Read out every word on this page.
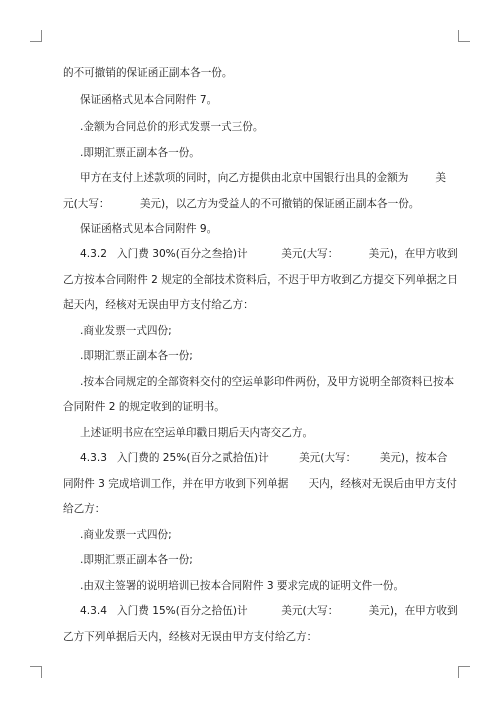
的不可撤销的保证函正副本各一份。
保证函格式见本合同附件 7。
.金额为合同总价的形式发票一式三份。
.即期汇票正副本各一份。
甲方在支付上述款项的同时，向乙方提供由北京中国银行出具的金额为        美
元(大写：         美元)，以乙方为受益人的不可撤销的保证函正副本各一份。
保证函格式见本合同附件 9。
4.3.2   入门费 30%(百分之叁拾)计          美元(大写：         美元)，在甲方收到
乙方按本合同附件 2 规定的全部技术资料后，不迟于甲方收到乙方提交下列单据之日
起天内，经核对无误由甲方支付给乙方：
.商业发票一式四份;
.即期汇票正副本各一份;
.按本合同规定的全部资料交付的空运单影印件两份，及甲方说明全部资料已按本
合同附件 2 的规定收到的证明书。
上述证明书应在空运单印戳日期后天内寄交乙方。
4.3.3   入门费的 25%(百分之贰拾伍)计         美元(大写：       美元)，按本合
同附件 3 完成培训工作，并在甲方收到下列单据      天内，经核对无误后由甲方支付
给乙方：
.商业发票一式四份;
.即期汇票正副本各一份;
.由双主签署的说明培训已按本合同附件 3 要求完成的证明文件一份。
4.3.4   入门费 15%(百分之拾伍)计          美元(大写：         美元)，在甲方收到
乙方下列单据后天内，经核对无误由甲方支付给乙方：
